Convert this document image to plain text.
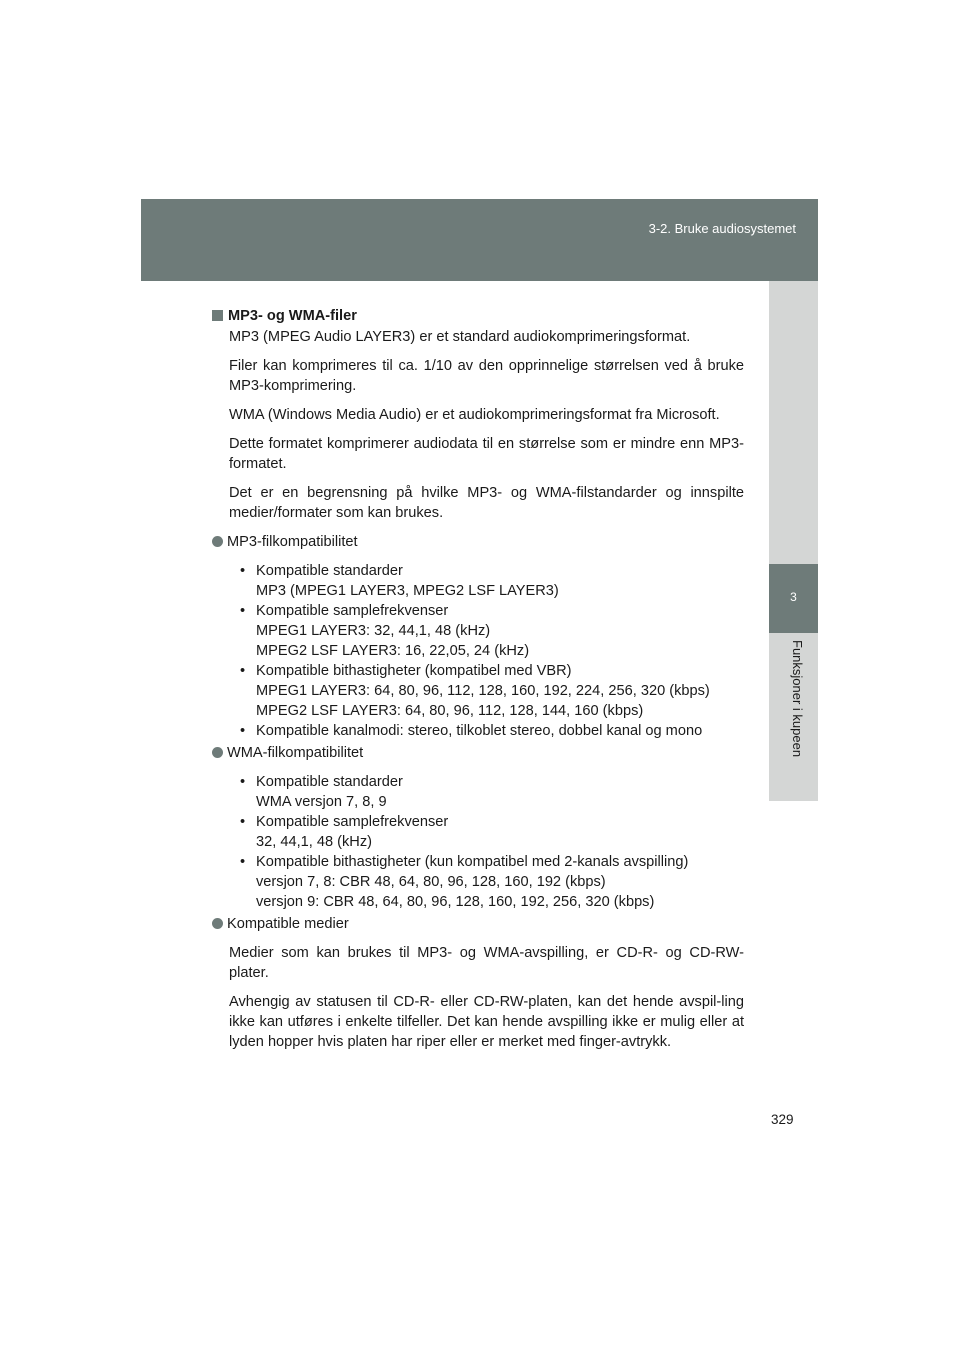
3-2. Bruke audiosystemet
3
Funksjoner i kupeen
MP3- og WMA-filer

MP3 (MPEG Audio LAYER3) er et standard audiokomprimeringsformat.

Filer kan komprimeres til ca. 1/10 av den opprinnelige størrelsen ved å bruke MP3-komprimering.

WMA (Windows Media Audio) er et audiokomprimeringsformat fra Microsoft.

Dette formatet komprimerer audiodata til en størrelse som er mindre enn MP3-formatet.

Det er en begrensning på hvilke MP3- og WMA-filstandarder og innspilte medier/formater som kan brukes.

MP3-filkompatibilitet
• Kompatible standarder
MP3 (MPEG1 LAYER3, MPEG2 LSF LAYER3)
• Kompatible samplefrekvenser
MPEG1 LAYER3: 32, 44,1, 48 (kHz)
MPEG2 LSF LAYER3: 16, 22,05, 24 (kHz)
• Kompatible bithastigheter (kompatibel med VBR)
MPEG1 LAYER3: 64, 80, 96, 112, 128, 160, 192, 224, 256, 320 (kbps)
MPEG2 LSF LAYER3: 64, 80, 96, 112, 128, 144, 160 (kbps)
• Kompatible kanalmodi: stereo, tilkoblet stereo, dobbel kanal og mono
WMA-filkompatibilitet
• Kompatible standarder
WMA versjon 7, 8, 9
• Kompatible samplefrekvenser
32, 44,1, 48 (kHz)
• Kompatible bithastigheter (kun kompatibel med 2-kanals avspilling)
versjon 7, 8: CBR 48, 64, 80, 96, 128, 160, 192 (kbps)
versjon 9: CBR 48, 64, 80, 96, 128, 160, 192, 256, 320 (kbps)
Kompatible medier

Medier som kan brukes til MP3- og WMA-avspilling, er CD-R- og CD-RW-plater.

Avhengig av statusen til CD-R- eller CD-RW-platen, kan det hende avspil-ling ikke kan utføres i enkelte tilfeller. Det kan hende avspilling ikke er mulig eller at lyden hopper hvis platen har riper eller er merket med finger-avtrykk.

329
